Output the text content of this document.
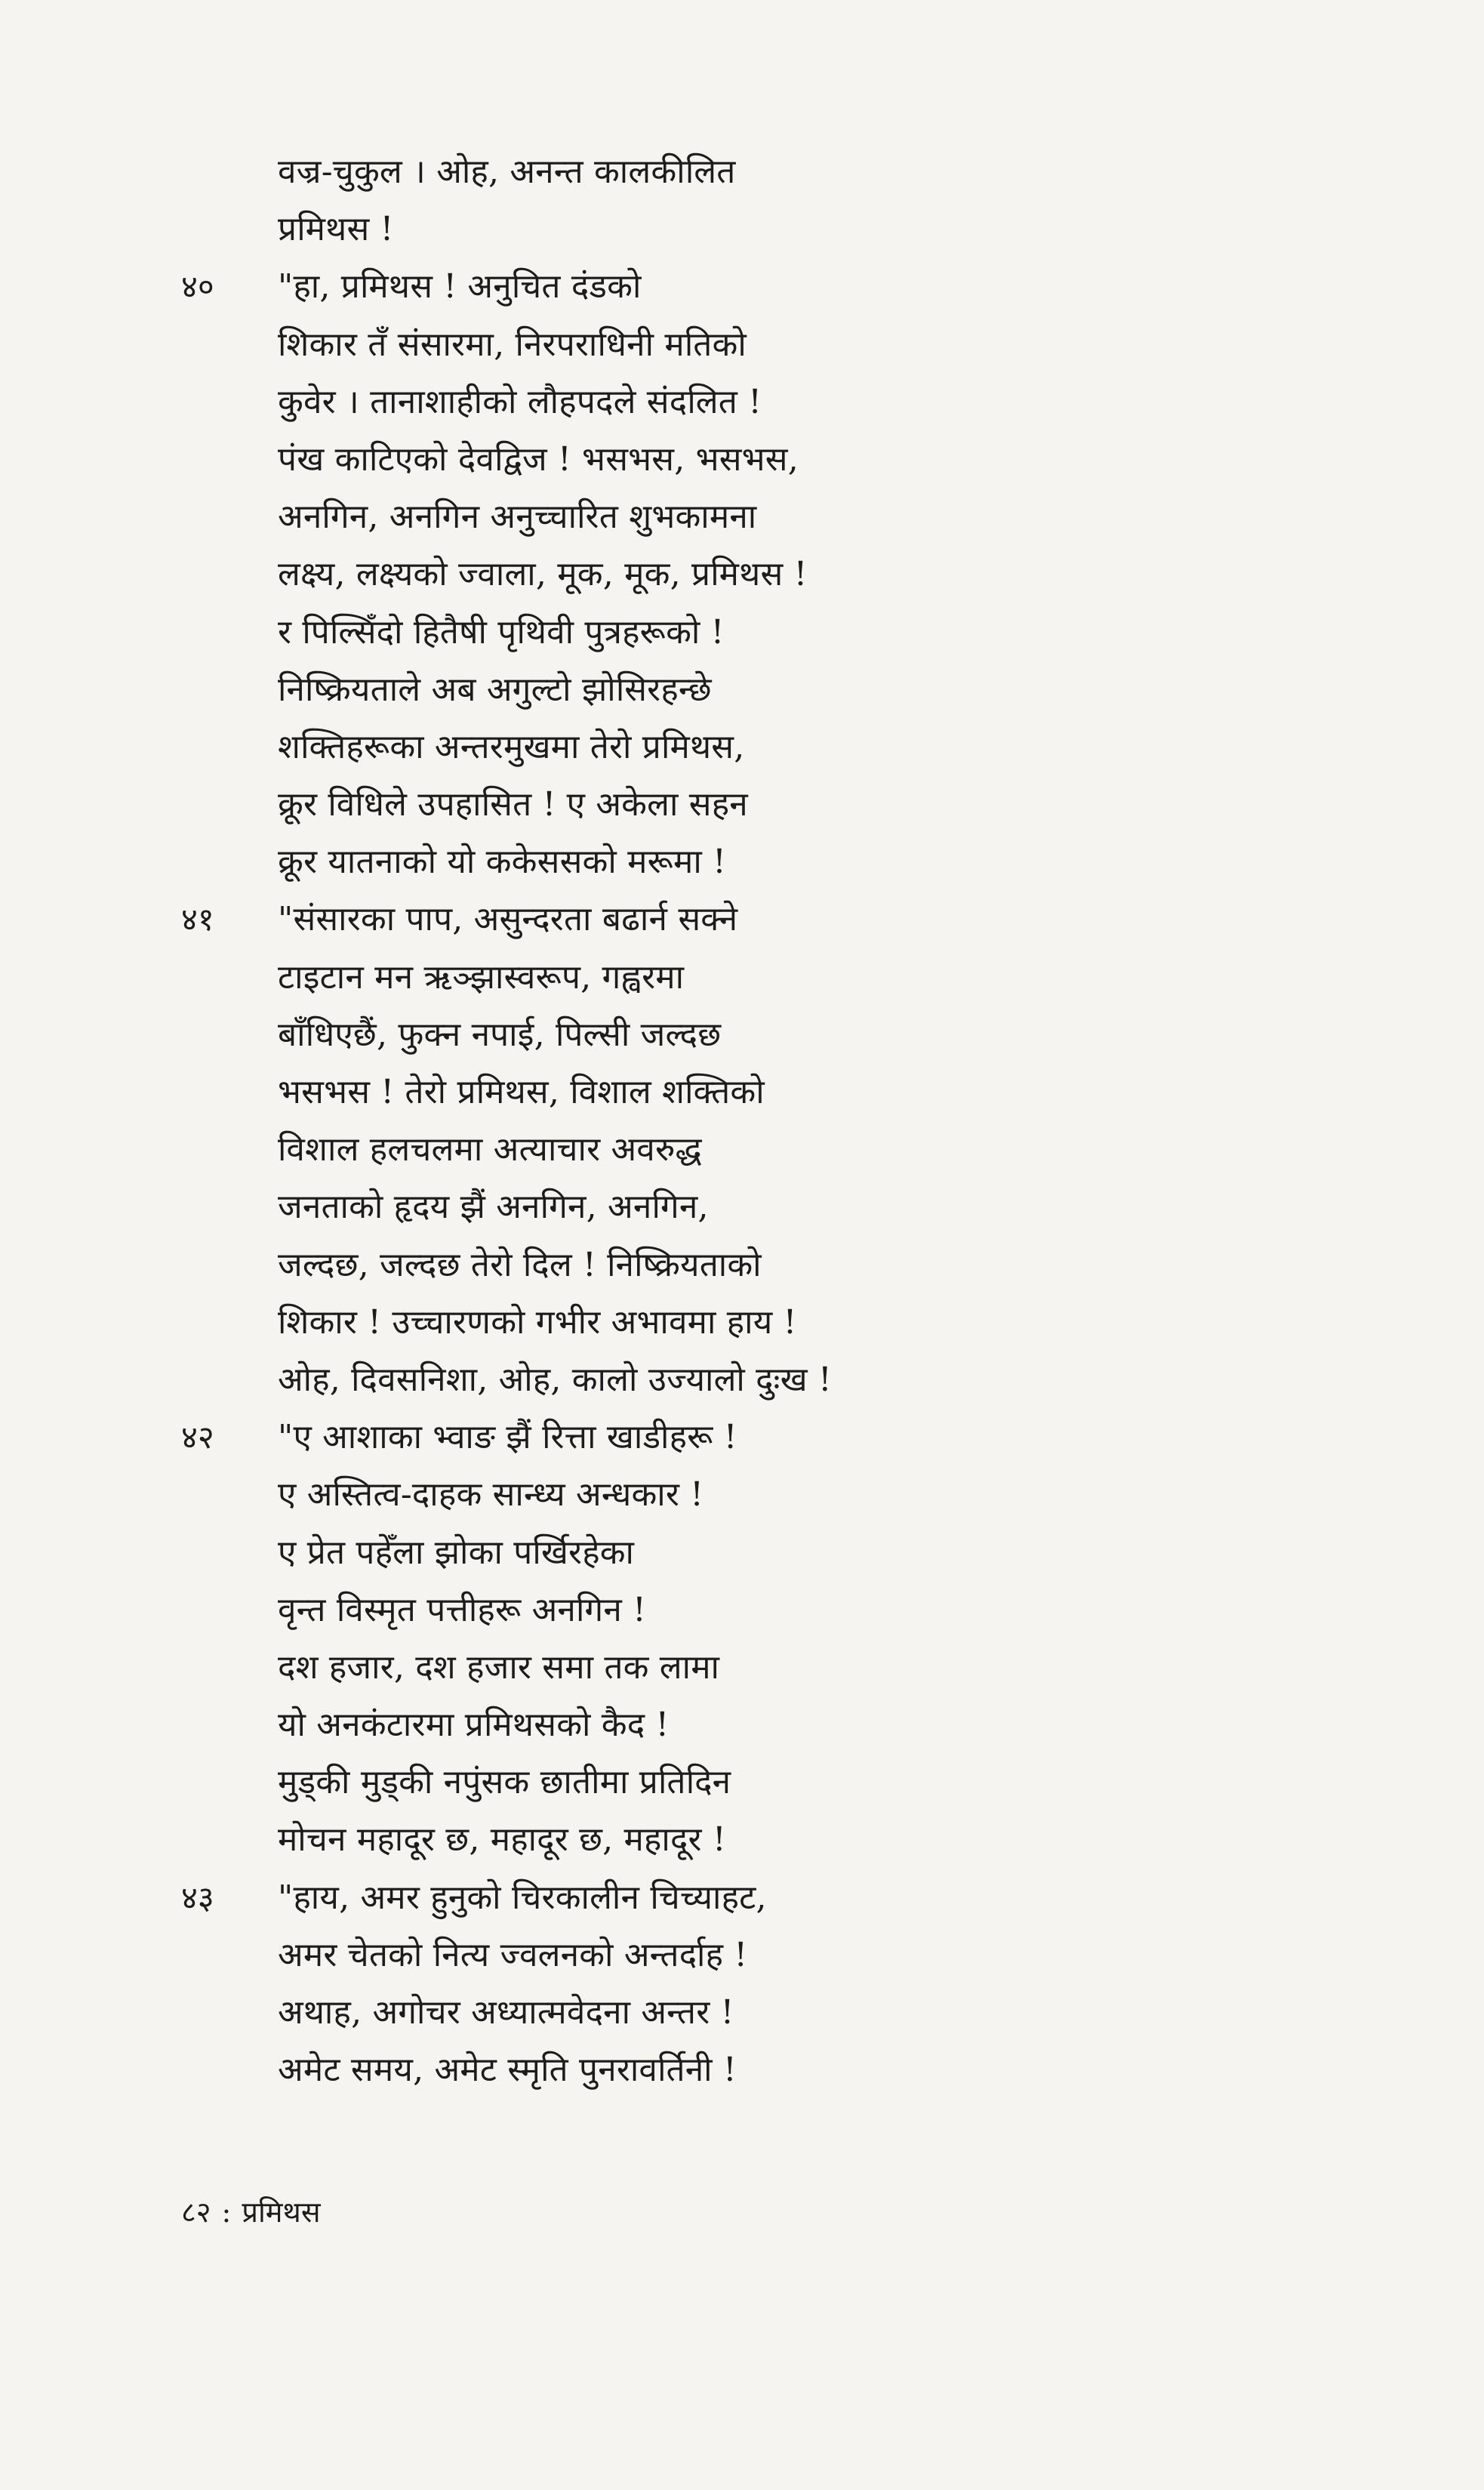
वज्र-चुकुल । ओह, अनन्त कालकीलित
प्रमिथस !
४०	"हा, प्रमिथस ! अनुचित दंडको
शिकार तँ संसारमा, निरपराधिनी मतिको
कुवेर । तानाशाहीको लौहपदले संदलित !
पंख काटिएको देवद्विज ! भसभस, भसभस,
अनगिन, अनगिन अनुच्चारित शुभकामना
लक्ष्य, लक्ष्यको ज्वाला, मूक, मूक, प्रमिथस !
र पिल्सिँदो हितैषी पृथिवी पुत्रहरूको !
निष्क्रियताले अब अगुल्टो झोसिरहन्छे
शक्तिहरूका अन्तरमुखमा तेरो प्रमिथस,
क्रूर विधिले उपहासित ! ए अकेला सहन
क्रूर यातनाको यो ककेससको मरूमा !
४१	"संसारका पाप, असुन्दरता बढार्न सक्ने
टाइटान मन ऋञ्झास्वरूप, गह्वरमा
बाँधिएछैं, फुक्न नपाई, पिल्सी जल्दछ
भसभस ! तेरो प्रमिथस, विशाल शक्तिको
विशाल हलचलमा अत्याचार अवरुद्ध
जनताको हृदय झैं अनगिन, अनगिन,
जल्दछ, जल्दछ तेरो दिल ! निष्क्रियताको
शिकार ! उच्चारणको गभीर अभावमा हाय !
ओह, दिवसनिशा, ओह, कालो उज्यालो दुःख !
४२	"ए आशाका भ्वाङ झैं रित्ता खाडीहरू !
ए अस्तित्व-दाहक सान्ध्य अन्धकार !
ए प्रेत पहेँला झोका पर्खिरहेका
वृन्त विस्मृत पत्तीहरू अनगिन !
दश हजार, दश हजार समा तक लामा
यो अनकंटारमा प्रमिथसको कैद !
मुड्की मुड्की नपुंसक छातीमा प्रतिदिन
मोचन महादूर छ, महादूर छ, महादूर !
४३	"हाय, अमर हुनुको चिरकालीन चिच्याहट,
अमर चेतको नित्य ज्वलनको अन्तर्दाह !
अथाह, अगोचर अध्यात्मवेदना अन्तर !
अमेट समय, अमेट स्मृति पुनरावर्तिनी !
८२ : प्रमिथस
